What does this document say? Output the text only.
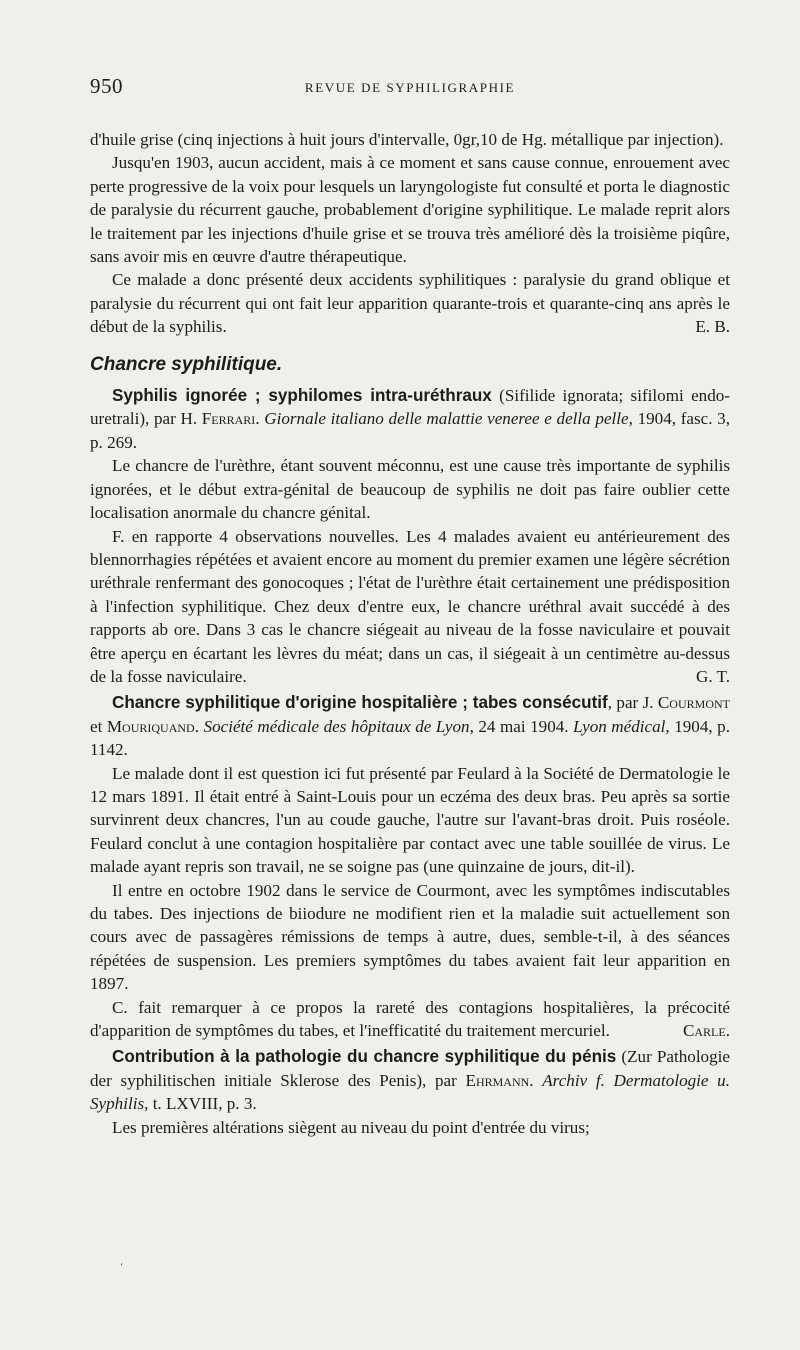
950	REVUE DE SYPHILIGRAPHIE

d'huile grise (cinq injections à huit jours d'intervalle, 0gr,10 de Hg. métallique par injection).

Jusqu'en 1903, aucun accident, mais à ce moment et sans cause connue, enrouement avec perte progressive de la voix pour lesquels un laryngologiste fut consulté et porta le diagnostic de paralysie du récurrent gauche, probablement d'origine syphilitique. Le malade reprit alors le traitement par les injections d'huile grise et se trouva très amélioré dès la troisième piqûre, sans avoir mis en œuvre d'autre thérapeutique.

Ce malade a donc présenté deux accidents syphilitiques : paralysie du grand oblique et paralysie du récurrent qui ont fait leur apparition quarante-trois et quarante-cinq ans après le début de la syphilis.	E. B.

Chancre syphilitique.

Syphilis ignorée ; syphilomes intra-uréthraux (Sifilide ignorata; sifilomi endo-uretrali), par H. Ferrari. Giornale italiano delle malattie veneree e della pelle, 1904, fasc. 3, p. 269.

Le chancre de l'urèthre, étant souvent méconnu, est une cause très importante de syphilis ignorées, et le début extra-génital de beaucoup de syphilis ne doit pas faire oublier cette localisation anormale du chancre génital.

F. en rapporte 4 observations nouvelles. Les 4 malades avaient eu antérieurement des blennorrhagies répétées et avaient encore au moment du premier examen une légère sécrétion uréthrale renfermant des gonocoques ; l'état de l'urèthre était certainement une prédisposition à l'infection syphilitique. Chez deux d'entre eux, le chancre uréthral avait succédé à des rapports ab ore. Dans 3 cas le chancre siégeait au niveau de la fosse naviculaire et pouvait être aperçu en écartant les lèvres du méat; dans un cas, il siégeait à un centimètre au-dessus de la fosse naviculaire.	G. T.

Chancre syphilitique d'origine hospitalière ; tabes consécutif, par J. Courmont et Mouriquand. Société médicale des hôpitaux de Lyon, 24 mai 1904. Lyon médical, 1904, p. 1142.

Le malade dont il est question ici fut présenté par Feulard à la Société de Dermatologie le 12 mars 1891. Il était entré à Saint-Louis pour un eczéma des deux bras. Peu après sa sortie survinrent deux chancres, l'un au coude gauche, l'autre sur l'avant-bras droit. Puis roséole. Feulard conclut à une contagion hospitalière par contact avec une table souillée de virus. Le malade ayant repris son travail, ne se soigne pas (une quinzaine de jours, dit-il).

Il entre en octobre 1902 dans le service de Courmont, avec les symptômes indiscutables du tabes. Des injections de biiodure ne modifient rien et la maladie suit actuellement son cours avec de passagères rémissions de temps à autre, dues, semble-t-il, à des séances répétées de suspension. Les premiers symptômes du tabes avaient fait leur apparition en 1897.

C. fait remarquer à ce propos la rareté des contagions hospitalières, la précocité d'apparition de symptômes du tabes, et l'inefficatité du traitement mercuriel.	Carle.

Contribution à la pathologie du chancre syphilitique du pénis (Zur Pathologie der syphilitischen initiale Sklerose des Penis), par Ehrmann. Archiv f. Dermatologie u. Syphilis, t. LXVIII, p. 3.

Les premières altérations siègent au niveau du point d'entrée du virus;

‘
